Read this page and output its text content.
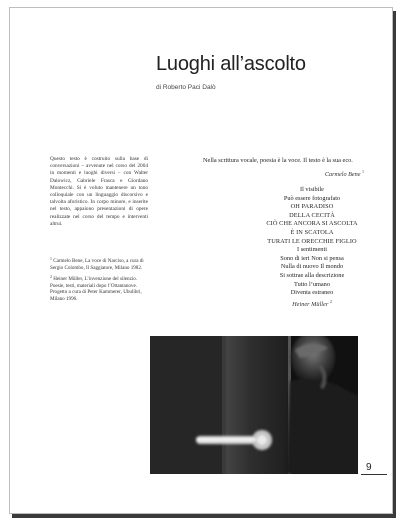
Luoghi all’ascolto
di Roberto Paci Dalò
Questo testo è costruito sulla base di conversazioni – avvenute nel corso del 2004 in momenti e luoghi diversi – con Walter Dalowicz, Gabriele Frasca e Giordano Montecchi. Si è voluto mantenere un tono colloquiale con un linguaggio discorsivo e talvolta aforistico. In corpo minore, e inserite nel testo, appaiono presentazioni di opere realizzate nel corso del tempo e interventi altrui.

$^1$ Carmelo Bene, La voce di Narciso, a cura di Sergio Colombo, Il Saggiatore, Milano 1982.

$^2$ Heiner Müller, L’invenzione del silenzio. Poesie, testi, materiali dopo l’Ottantanove. Progetto a cura di Peter Kammerer, Ubulibri, Milano 1996.

Nella scrittura vocale, poesia è la voce. Il testo è la sua eco.
Carmelo Bene $^1$
Il visibile
Può essere fotografato
OH PARADISO
DELLA CECITÀ
CIÒ CHE ANCORA SI ASCOLTA
È IN SCATOLA
TURATI LE ORECCHIE FIGLIO
I sentimenti
Sono di ieri Non si pensa
Nulla di nuovo Il mondo
Si sottrae alla descrizione
Tutto l’umano
Diventa estraneo
Heiner Müller $^2$
9
